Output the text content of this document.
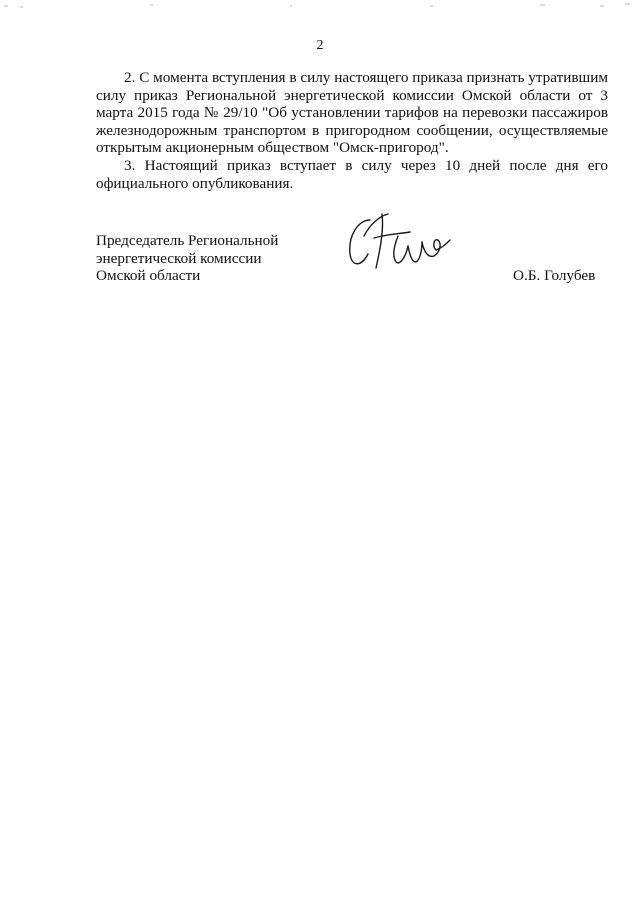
2

2. С момента вступления в силу настоящего приказа признать утратившим силу приказ Региональной энергетической комиссии Омской области от 3 марта 2015 года № 29/10 "Об установлении тарифов на перевозки пассажиров железнодорожным транспортом в пригородном сообщении, осуществляемые открытым акционерным обществом "Омск-пригород".

3. Настоящий приказ вступает в силу через 10 дней после дня его официального опубликования.

Председатель Региональной
энергетической комиссии
Омской области	О.Б. Голубев
